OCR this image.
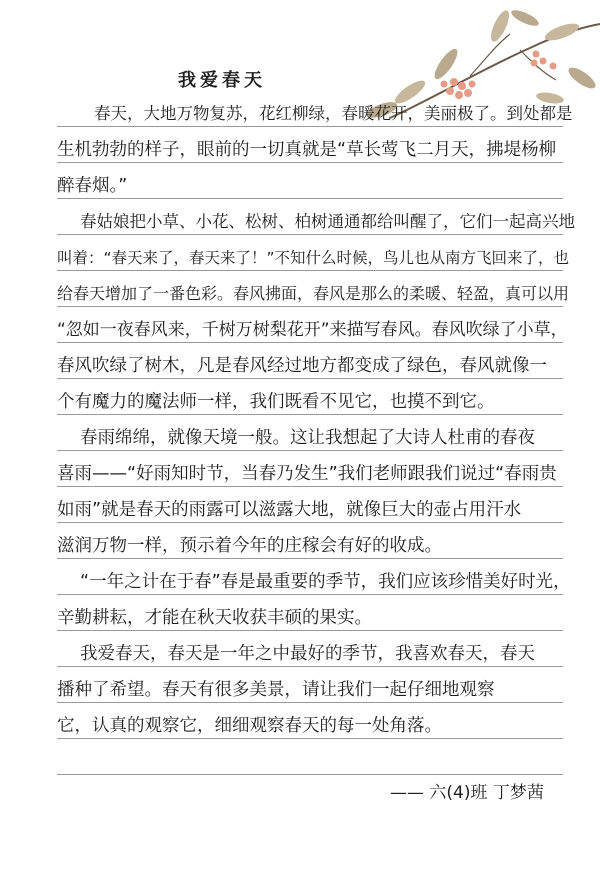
我爱春天
春天，大地万物复苏，花红柳绿，春暖花开，美丽极了。到处都是
生机勃勃的样子，眼前的一切真就是“草长莺飞二月天，拂堤杨柳
醉春烟。”
春姑娘把小草、小花、松树、柏树通通都给叫醒了，它们一起高兴地
叫着：“春天来了，春天来了！”不知什么时候，鸟儿也从南方飞回来了，也
给春天增加了一番色彩。春风拂面，春风是那么的柔暖、轻盈，真可以用
“忽如一夜春风来，千树万树梨花开”来描写春风。春风吹绿了小草，
春风吹绿了树木，凡是春风经过地方都变成了绿色，春风就像一
个有魔力的魔法师一样，我们既看不见它，也摸不到它。
春雨绵绵，就像天境一般。这让我想起了大诗人杜甫的春夜
喜雨——“好雨知时节，当春乃发生”我们老师跟我们说过“春雨贵
如雨”就是春天的雨露可以滋露大地，就像巨大的壶占用汗水
滋润万物一样，预示着今年的庄稼会有好的收成。
“一年之计在于春”春是最重要的季节，我们应该珍惜美好时光，
辛勤耕耘，才能在秋天收获丰硕的果实。
我爱春天，春天是一年之中最好的季节，我喜欢春天，春天
播种了希望。春天有很多美景，请让我们一起仔细地观察
它，认真的观察它，细细观察春天的每一处角落。
—— 六(4)班 丁梦茜
